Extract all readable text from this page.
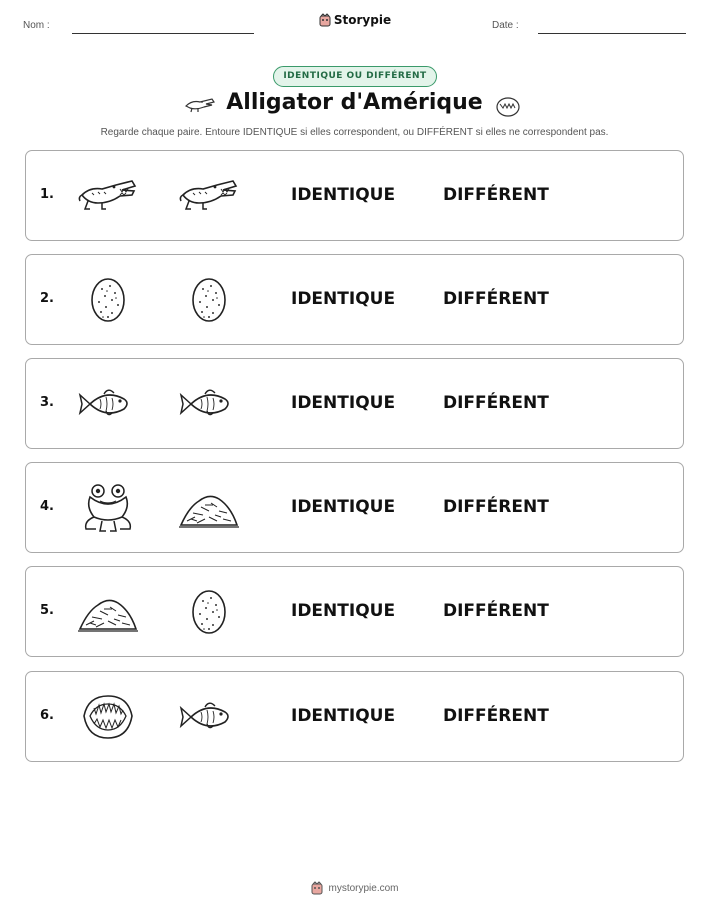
Nom :	Storypie	Date :
IDENTIQUE OU DIFFÉRENT
Alligator d'Amérique
Regarde chaque paire. Entoure IDENTIQUE si elles correspondent, ou DIFFÉRENT si elles ne correspondent pas.
1.	IDENTIQUE	DIFFÉRENT
2.	IDENTIQUE	DIFFÉRENT
3.	IDENTIQUE	DIFFÉRENT
4.	IDENTIQUE	DIFFÉRENT
5.	IDENTIQUE	DIFFÉRENT
6.	IDENTIQUE	DIFFÉRENT
mystorypie.com
